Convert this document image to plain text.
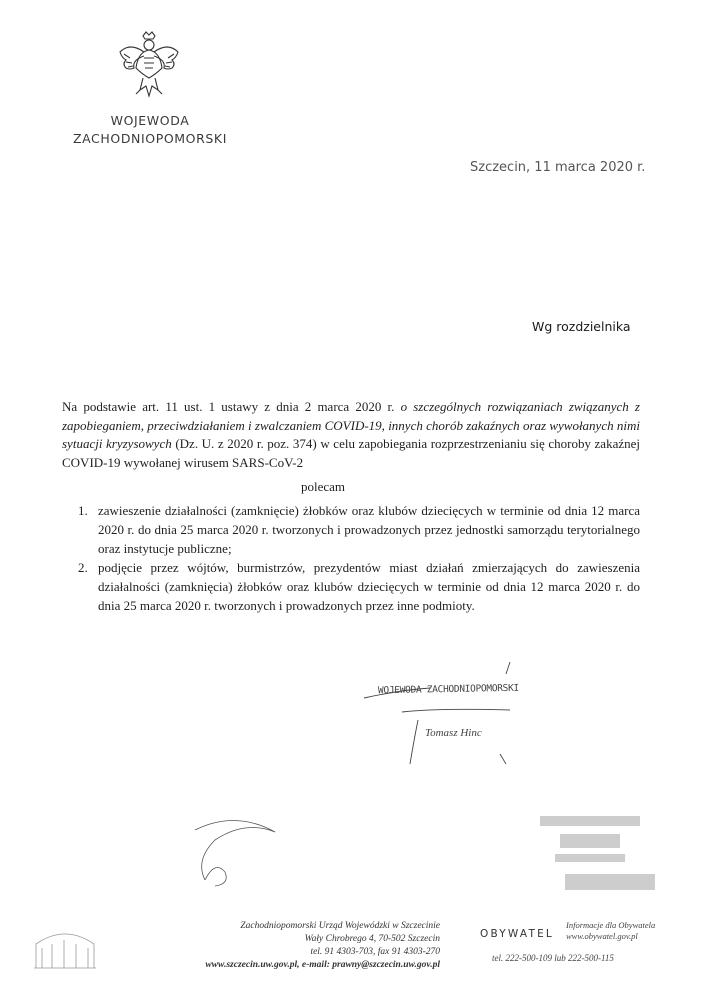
WOJEWODA
ZACHODNIOPOMORSKI
Szczecin, 11 marca 2020 r.
Wg rozdzielnika
Na podstawie art. 11 ust. 1 ustawy z dnia 2 marca 2020 r. o szczególnych rozwiązaniach związanych z zapobieganiem, przeciwdziałaniem i zwalczaniem COVID-19, innych chorób zakaźnych oraz wywołanych nimi sytuacji kryzysowych (Dz. U. z 2020 r. poz. 374) w celu zapobiegania rozprzestrzenianiu się choroby zakaźnej COVID-19 wywołanej wirusem SARS-CoV-2
polecam
1. zawieszenie działalności (zamknięcie) żłobków oraz klubów dziecięcych w terminie od dnia 12 marca 2020 r. do dnia 25 marca 2020 r. tworzonych i prowadzonych przez jednostki samorządu terytorialnego oraz instytucje publiczne;
2. podjęcie przez wójtów, burmistrzów, prezydentów miast działań zmierzających do zawieszenia działalności (zamknięcia) żłobków oraz klubów dziecięcych w terminie od dnia 12 marca 2020 r. do dnia 25 marca 2020 r. tworzonych i prowadzonych przez inne podmioty.
WOJEWODA ZACHODNIOPOMORSKI
Tomasz Hinc
Zachodniopomorski Urząd Wojewódzki w Szczecinie
Wały Chrobrego 4, 70-502 Szczecin
tel. 91 4303-703, fax 91 4303-270
www.szczecin.uw.gov.pl, e-mail: prawny@szczecin.uw.gov.pl
OBYWATEL
Informacje dla Obywatela
www.obywatel.gov.pl
tel. 222-500-109 lub 222-500-115
